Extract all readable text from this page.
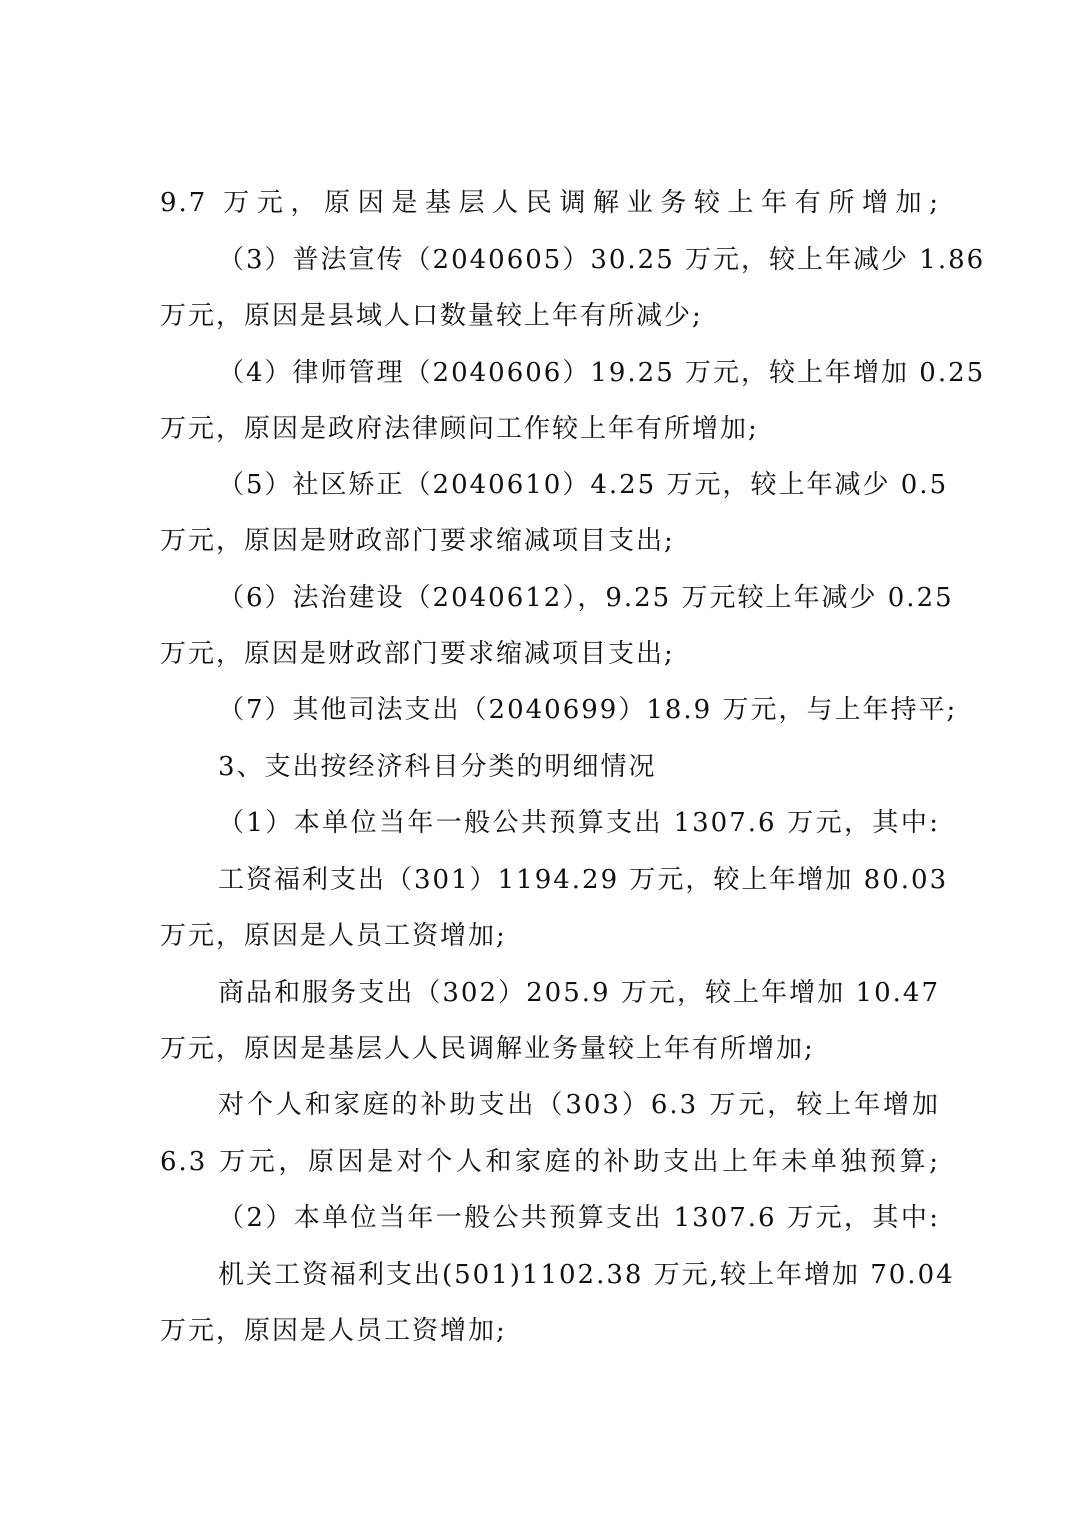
9.7 万元，原因是基层人民调解业务较上年有所增加;
（3）普法宣传（2040605）30.25 万元，较上年减少 1.86
万元，原因是县域人口数量较上年有所减少;
（4）律师管理（2040606）19.25 万元，较上年增加 0.25
万元，原因是政府法律顾问工作较上年有所增加;
（5）社区矫正（2040610）4.25 万元，较上年减少 0.5
万元，原因是财政部门要求缩减项目支出;
（6）法治建设（2040612），9.25 万元较上年减少 0.25
万元，原因是财政部门要求缩减项目支出;
（7）其他司法支出（2040699）18.9 万元，与上年持平;
3、支出按经济科目分类的明细情况
（1）本单位当年一般公共预算支出 1307.6 万元，其中:
工资福利支出（301）1194.29 万元，较上年增加 80.03
万元，原因是人员工资增加;
商品和服务支出（302）205.9 万元，较上年增加 10.47
万元，原因是基层人人民调解业务量较上年有所增加;
对个人和家庭的补助支出（303）6.3 万元，较上年增加
6.3 万元，原因是对个人和家庭的补助支出上年未单独预算;
（2）本单位当年一般公共预算支出 1307.6 万元，其中:
机关工资福利支出(501)1102.38 万元,较上年增加 70.04
万元，原因是人员工资增加;
